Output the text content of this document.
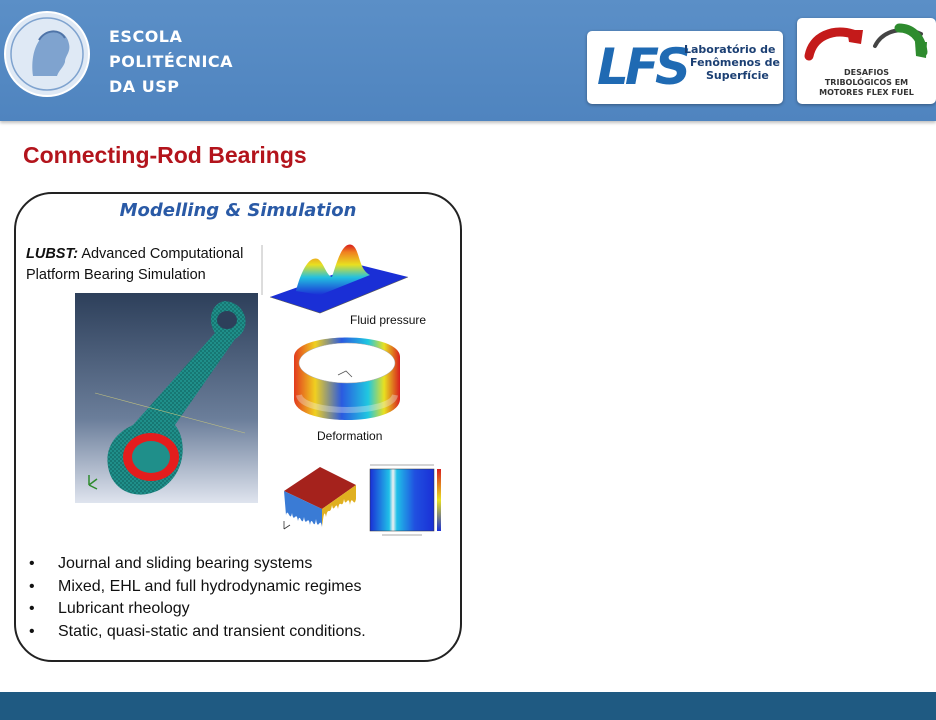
ESCOLA
POLITÉCNICA
DA USP	LFS
Laboratório de
Fenômenos de
Superfície	DESAFIOS
TRIBOLÓGICOS EM
MOTORES FLEX FUEL
Connecting-Rod Bearings
Modelling & Simulation
LUBST: Advanced Computational
Platform Bearing Simulation
Fluid pressure
Deformation
• Journal and sliding bearing systems
• Mixed, EHL and full hydrodynamic regimes
• Lubricant rheology
• Static, quasi-static and transient conditions.
